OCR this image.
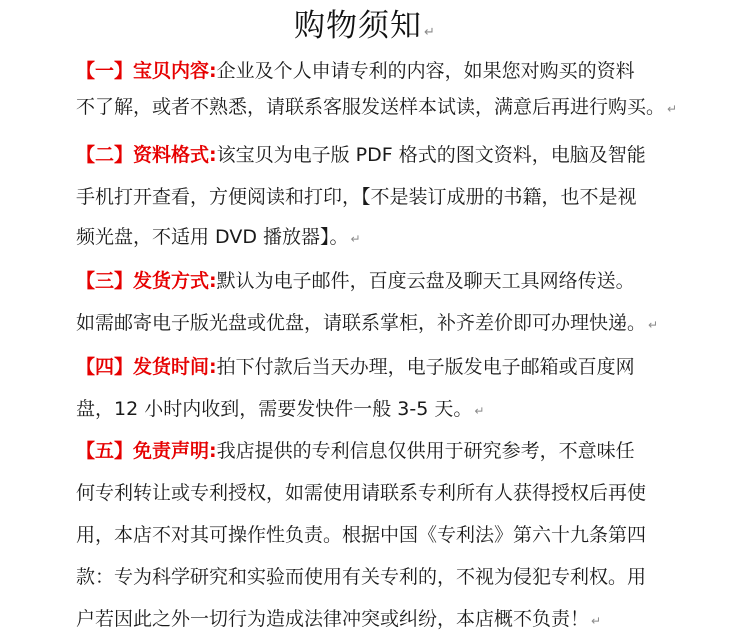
购物须知 ↵
【一】宝贝内容:企业及个人申请专利的内容，如果您对购买的资料
不了解，或者不熟悉，请联系客服发送样本试读，满意后再进行购买。 ↵
【二】资料格式:该宝贝为电子版 PDF 格式的图文资料，电脑及智能
手机打开查看，方便阅读和打印，【不是装订成册的书籍，也不是视
频光盘，不适用 DVD 播放器】。 ↵
【三】发货方式:默认为电子邮件，百度云盘及聊天工具网络传送。
如需邮寄电子版光盘或优盘，请联系掌柜，补齐差价即可办理快递。 ↵
【四】发货时间:拍下付款后当天办理，电子版发电子邮箱或百度网
盘，12 小时内收到，需要发快件一般 3-5 天。 ↵
【五】免责声明:我店提供的专利信息仅供用于研究参考，不意味任
何专利转让或专利授权，如需使用请联系专利所有人获得授权后再使
用，本店不对其可操作性负责。根据中国《专利法》第六十九条第四
款：专为科学研究和实验而使用有关专利的，不视为侵犯专利权。用
户若因此之外一切行为造成法律冲突或纠纷，本店概不负责！ ↵
